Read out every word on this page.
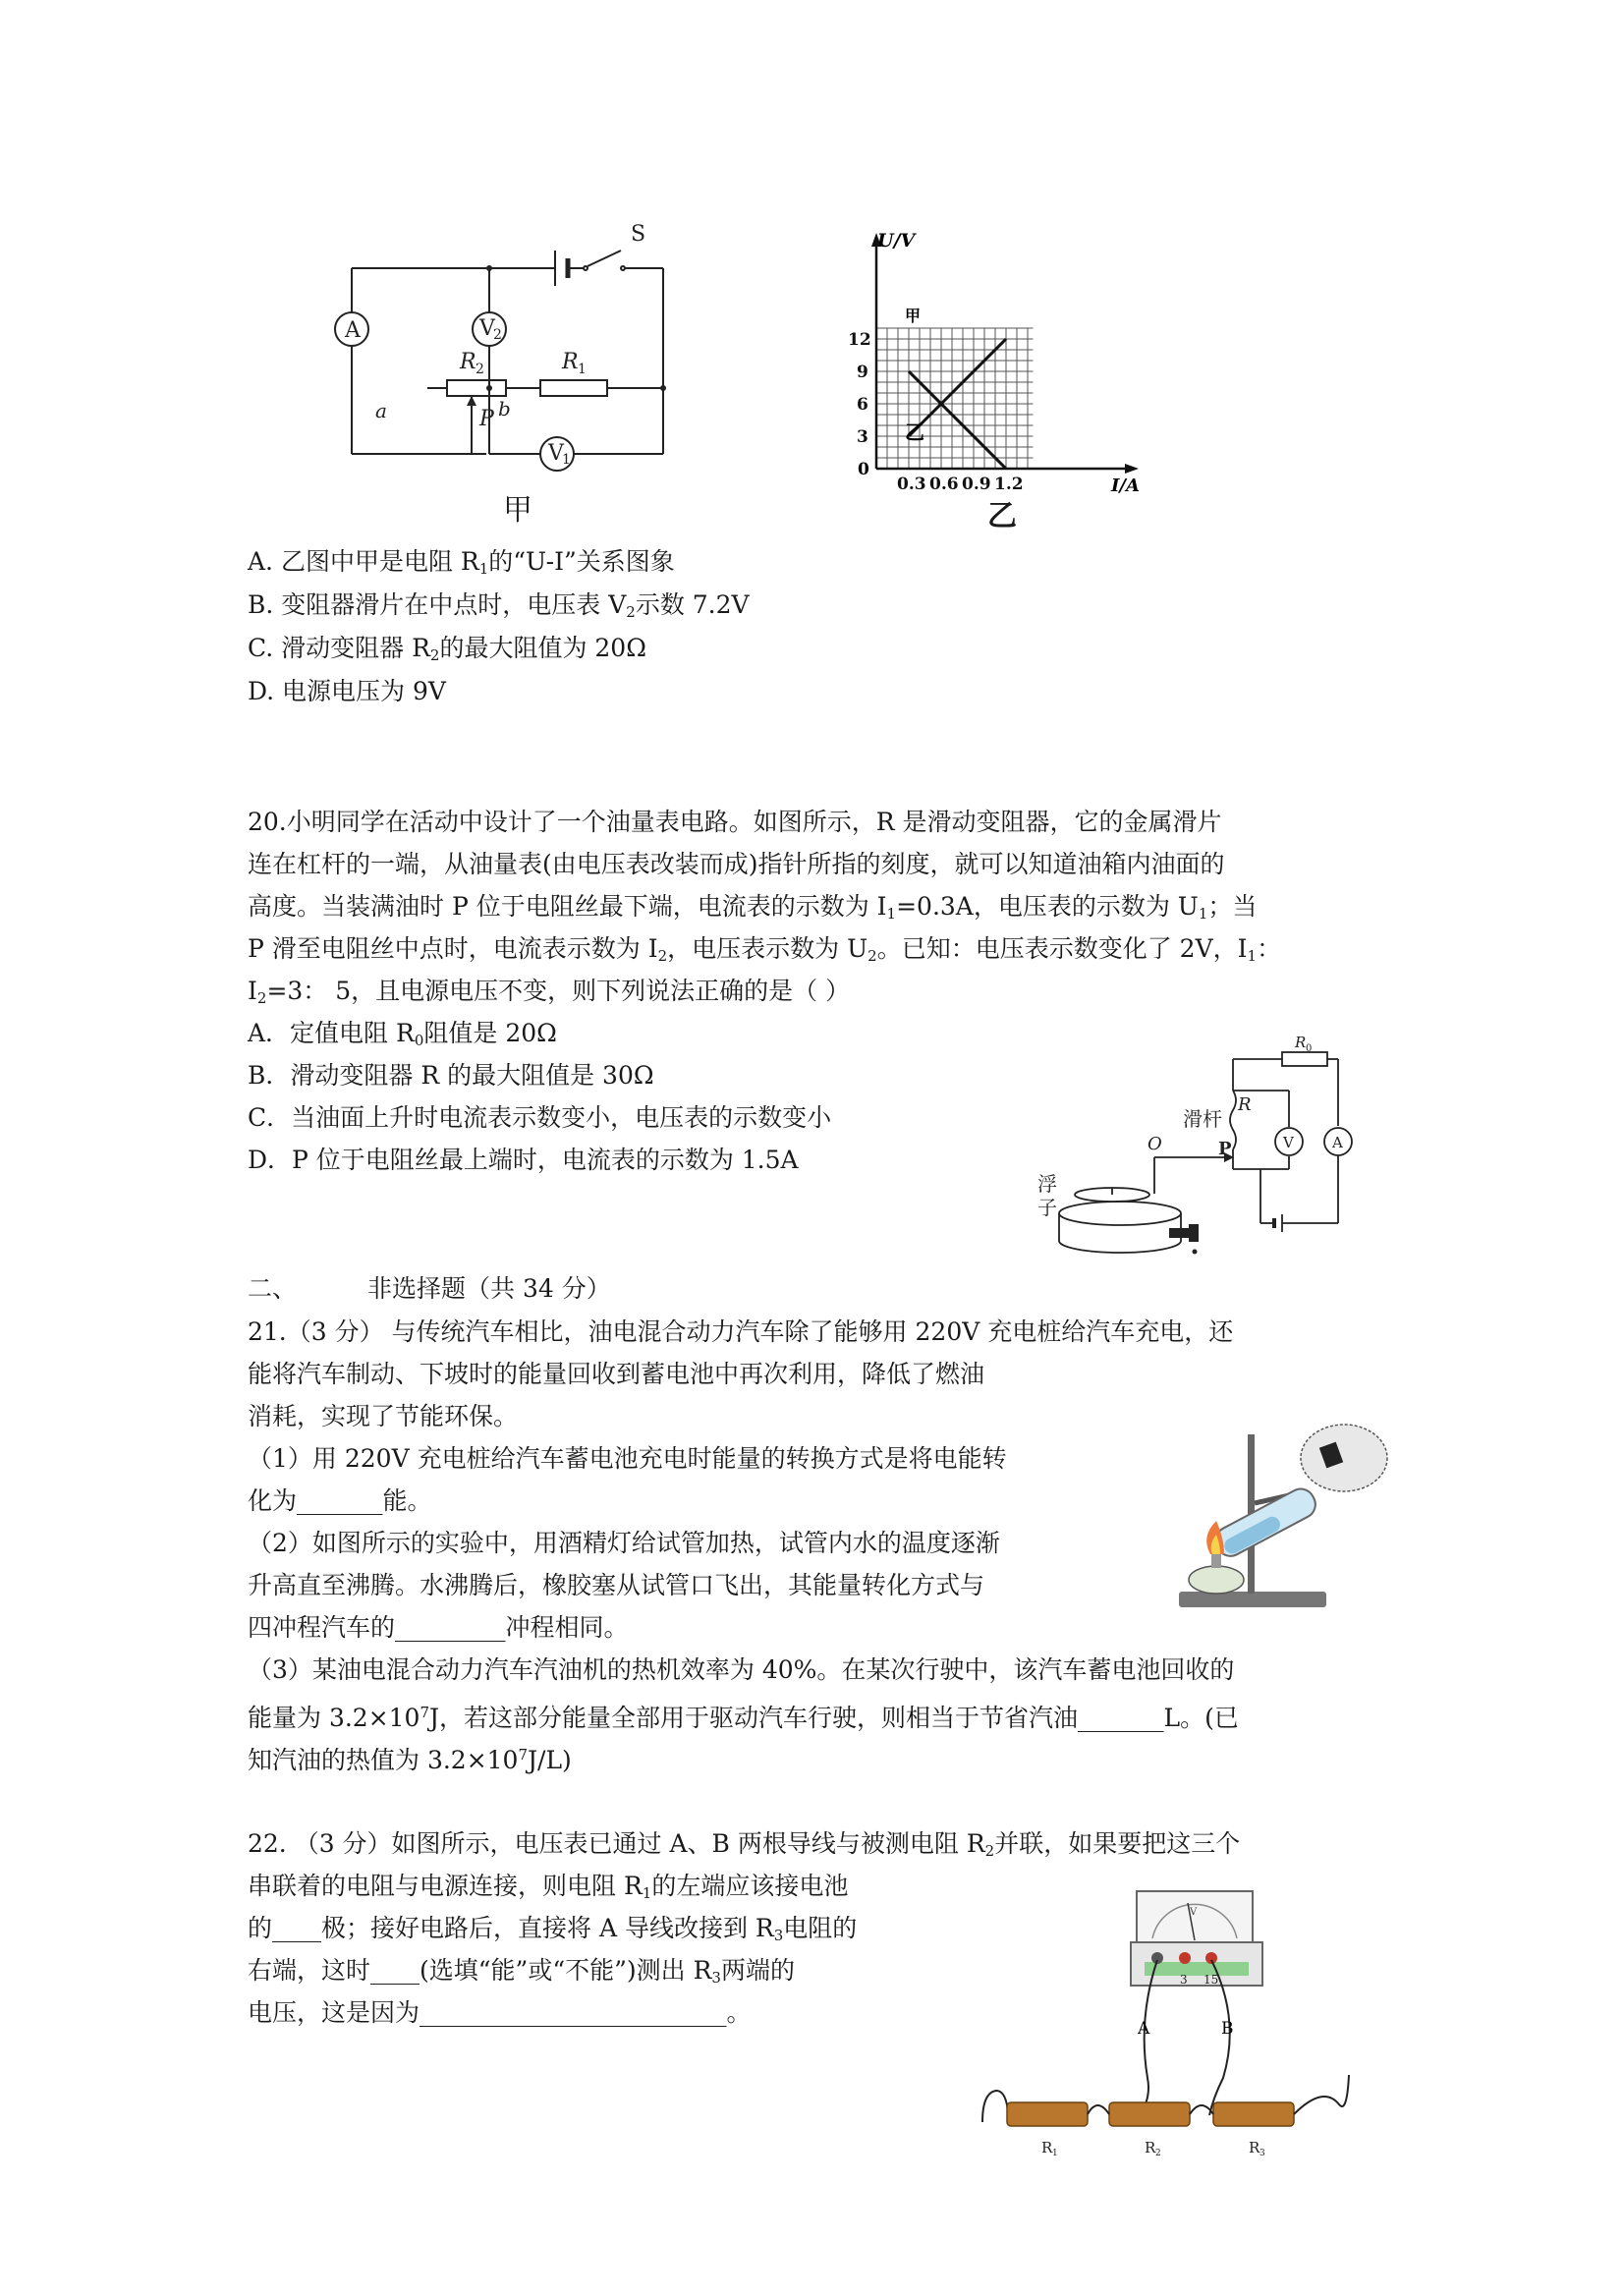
S
A	V
2
R 2	R 1
a	P b
V
1
甲
0.3 0.6 0.9 1.2
12
9
6
3
U/V
I/A
甲
乙
0
乙
A. 乙图中甲是电阻 $R_1$的“U-I”关系图象
B. 变阻器滑片在中点时，电压表 $V_2$示数 7.2V
C. 滑动变阻器 $R_2$的最大阻值为 20Ω
D. 电源电压为 9V
20.小明同学在活动中设计了一个油量表电路。如图所示，R 是滑动变阻器，它的金属滑片
连在杠杆的一端，从油量表(由电压表改装而成)指针所指的刻度，就可以知道油箱内油面的
高度。当装满油时 P 位于电阻丝最下端，电流表的示数为 $I_1=0.3A$，电压表的示数为 $U_1$；当
P 滑至电阻丝中点时，电流表示数为 $I_2$，电压表示数为 $U_2$。已知：电压表示数变化了 2V，$I_1$：
$I_2=3$： 5，且电源电压不变，则下列说法正确的是（ ）
A．定值电阻 $R_0$阻值是 20Ω
B．滑动变阻器 R 的最大阻值是 30Ω
C．当油面上升时电流表示数变小，电压表的示数变小
D．P 位于电阻丝最上端时，电流表的示数为 1.5A
R 0
R
V	A
滑杆
P
O
浮
子
二、	非选择题（共 34 分）
21.（3 分） 与传统汽车相比，油电混合动力汽车除了能够用 220V 充电桩给汽车充电，还
能将汽车制动、下坡时的能量回收到蓄电池中再次利用，降低了燃油
消耗，实现了节能环保。
（1）用 220V 充电桩给汽车蓄电池充电时能量的转换方式是将电能转
化为_______能。
（2）如图所示的实验中，用酒精灯给试管加热，试管内水的温度逐渐
升高直至沸腾。水沸腾后，橡胶塞从试管口飞出，其能量转化方式与
四冲程汽车的_________冲程相同。
（3）某油电混合动力汽车汽油机的热机效率为 40%。在某次行驶中，该汽车蓄电池回收的
能量为 $3.2\times 10^7J$，若这部分能量全部用于驱动汽车行驶，则相当于节省汽油_______L。(已
知汽油的热值为 $3.2\times 10^7J/L$)
22. （3 分）如图所示，电压表已通过 A、B 两根导线与被测电阻 $R_2$并联，如果要把这三个
串联着的电阻与电源连接，则电阻 $R_1$的左端应该接电池
的____极；接好电路后，直接将 A 导线改接到 $R_3$电阻的
右端，这时____(选填“能”或“不能”)测出 $R_3$两端的
电压，这是因为_________________________。
V
3 15
A	B
R 1	R 2	R 3
